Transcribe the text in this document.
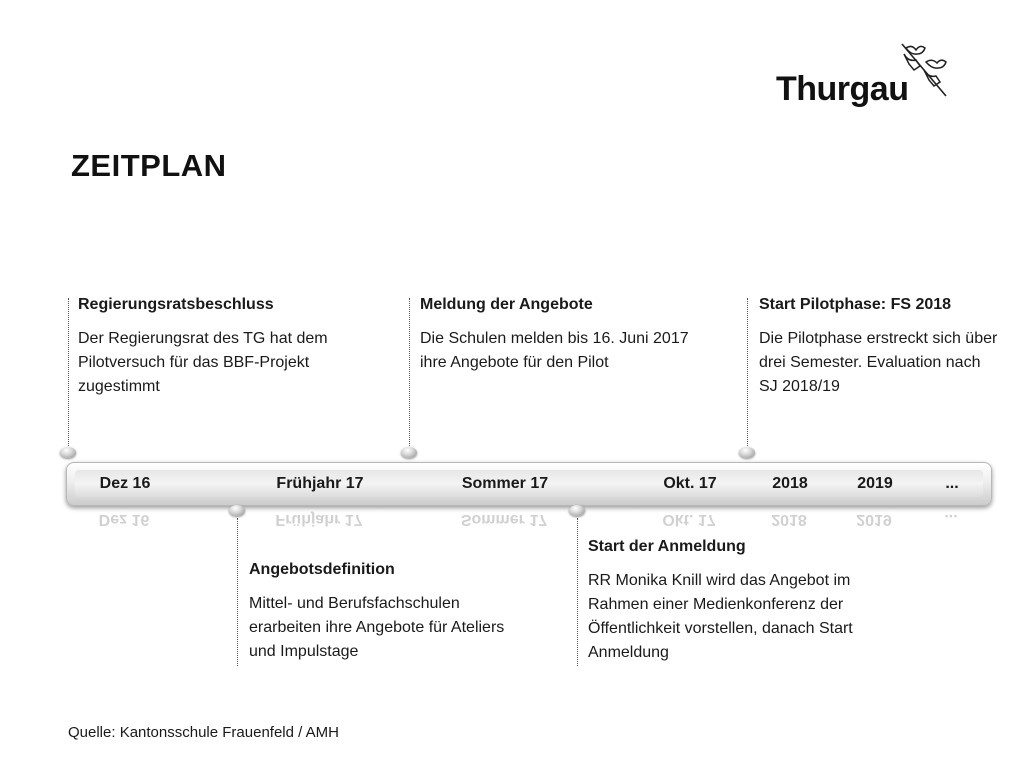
Thurgau
ZEITPLAN
Regierungsratsbeschluss
Der Regierungsrat des TG hat dem Pilotversuch für das BBF-Projekt zugestimmt
Meldung der Angebote
Die Schulen melden bis 16. Juni 2017 ihre Angebote für den Pilot
Start Pilotphase: FS 2018
Die Pilotphase erstreckt sich über drei Semester. Evaluation nach SJ 2018/19
Dez 16	Frühjahr 17	Sommer 17	Okt. 17	2018	2019	...
Dez 16	Frühjahr 17	Sommer 17	Okt. 17	2018	2019	...
Angebotsdefinition
Mittel- und Berufsfachschulen erarbeiten ihre Angebote für Ateliers und Impulstage
Start der Anmeldung
RR Monika Knill wird das Angebot im Rahmen einer Medienkonferenz der Öffentlichkeit vorstellen, danach Start Anmeldung
Quelle: Kantonsschule Frauenfeld / AMH
